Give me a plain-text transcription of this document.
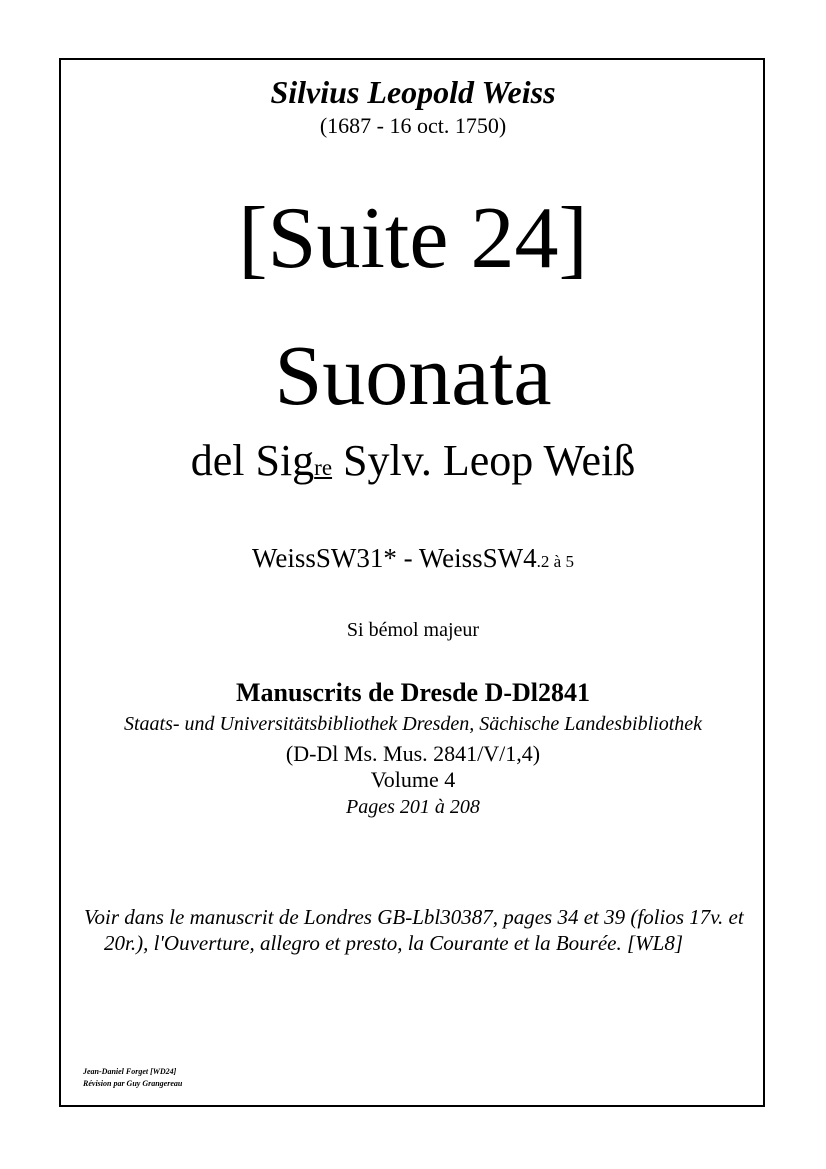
Silvius Leopold Weiss
(1687 - 16 oct. 1750)
[Suite 24]
Suonata
del Sigre Sylv. Leop Weiß
WeissSW31* - WeissSW4.2 à 5
Si bémol majeur
Manuscrits de Dresde D-Dl2841
Staats- und Universitätsbibliothek Dresden, Sächische Landesbibliothek
(D-Dl Ms. Mus. 2841/V/1,4)
Volume 4
Pages 201 à 208
Voir dans le manuscrit de Londres GB-Lbl30387, pages 34 et 39 (folios 17v. et 20r.), l'Ouverture, allegro et presto, la Courante et la Bourée. [WL8]
Jean-Daniel Forget [WD24]
Révision par Guy Grangereau
